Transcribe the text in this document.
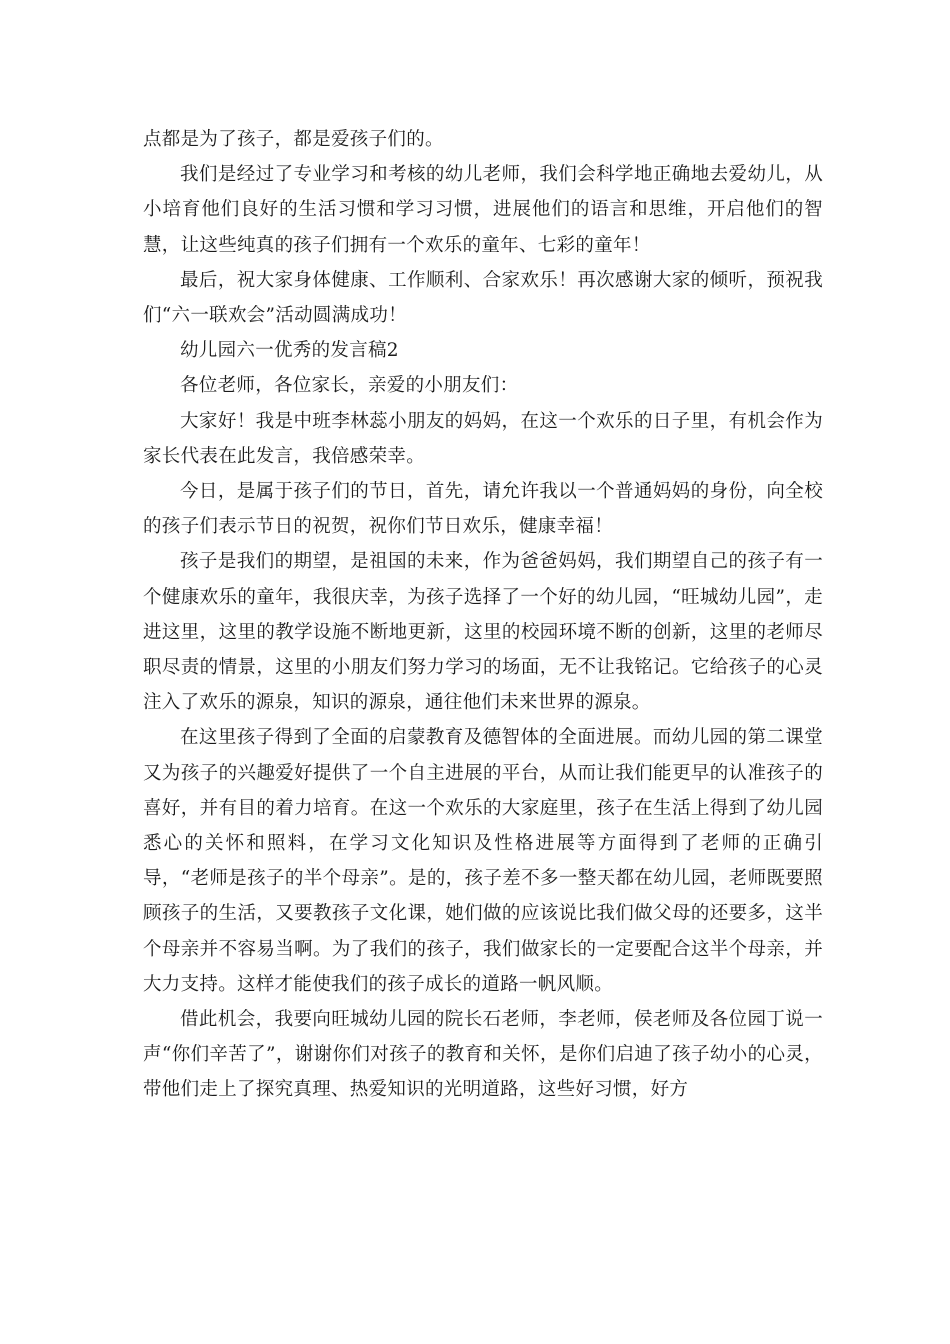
点都是为了孩子，都是爱孩子们的。

我们是经过了专业学习和考核的幼儿老师，我们会科学地正确地去爱幼儿，从小培育他们良好的生活习惯和学习习惯，进展他们的语言和思维，开启他们的智慧，让这些纯真的孩子们拥有一个欢乐的童年、七彩的童年！

最后，祝大家身体健康、工作顺利、合家欢乐！再次感谢大家的倾听，预祝我们“六一联欢会”活动圆满成功！

幼儿园六一优秀的发言稿2

各位老师，各位家长，亲爱的小朋友们：

大家好！我是中班李林蕊小朋友的妈妈，在这一个欢乐的日子里，有机会作为家长代表在此发言，我倍感荣幸。

今日，是属于孩子们的节日，首先，请允许我以一个普通妈妈的身份，向全校的孩子们表示节日的祝贺，祝你们节日欢乐，健康幸福！

孩子是我们的期望，是祖国的未来，作为爸爸妈妈，我们期望自己的孩子有一个健康欢乐的童年，我很庆幸，为孩子选择了一个好的幼儿园，“旺城幼儿园”，走进这里，这里的教学设施不断地更新，这里的校园环境不断的创新，这里的老师尽职尽责的情景，这里的小朋友们努力学习的场面，无不让我铭记。它给孩子的心灵注入了欢乐的源泉，知识的源泉，通往他们未来世界的源泉。

在这里孩子得到了全面的启蒙教育及德智体的全面进展。而幼儿园的第二课堂又为孩子的兴趣爱好提供了一个自主进展的平台，从而让我们能更早的认准孩子的喜好，并有目的着力培育。在这一个欢乐的大家庭里，孩子在生活上得到了幼儿园悉心的关怀和照料，在学习文化知识及性格进展等方面得到了老师的正确引导，“老师是孩子的半个母亲”。是的，孩子差不多一整天都在幼儿园，老师既要照顾孩子的生活，又要教孩子文化课，她们做的应该说比我们做父母的还要多，这半个母亲并不容易当啊。为了我们的孩子，我们做家长的一定要配合这半个母亲，并大力支持。这样才能使我们的孩子成长的道路一帆风顺。

借此机会，我要向旺城幼儿园的院长石老师，李老师，侯老师及各位园丁说一声“你们辛苦了”，谢谢你们对孩子的教育和关怀，是你们启迪了孩子幼小的心灵，带他们走上了探究真理、热爱知识的光明道路，这些好习惯，好方
